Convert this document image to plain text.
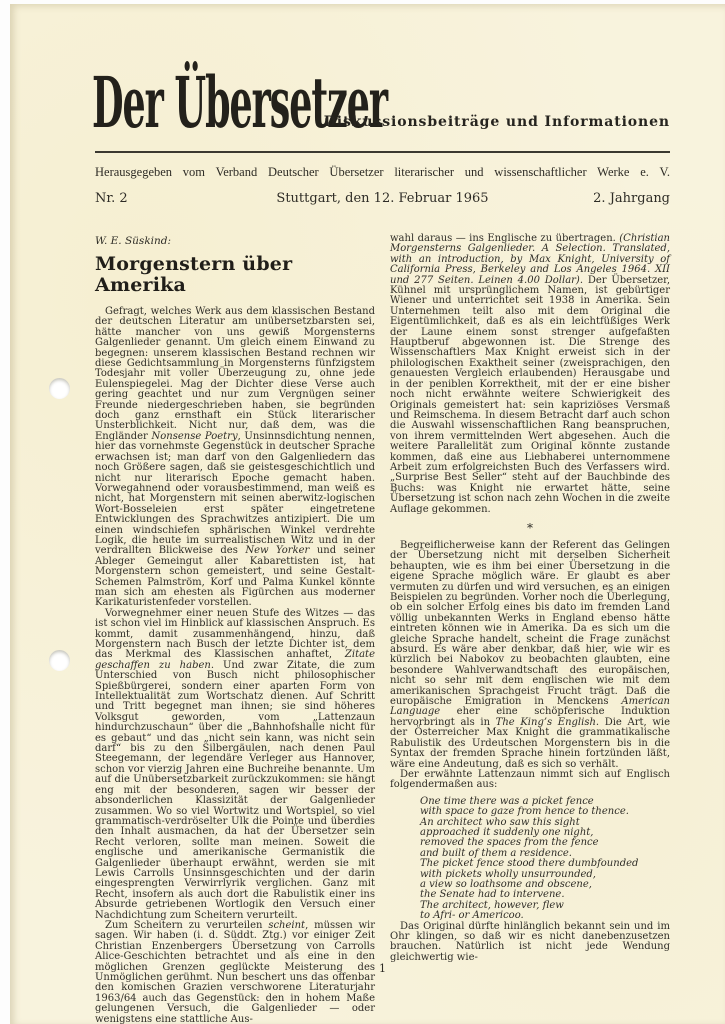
Der Übersetzer
Diskussionsbeiträge und Informationen
Herausgegeben vom Verband Deutscher Übersetzer literarischer und wissenschaftlicher Werke e. V.
Nr. 2	Stuttgart, den 12. Februar 1965	2. Jahrgang
W. E. Süskind:
Morgenstern über Amerika

Gefragt, welches Werk aus dem klassischen Bestand der deutschen Literatur am unübersetzbarsten sei, hätte mancher von uns gewiß Morgensterns Galgenlieder genannt. Um gleich einem Einwand zu begegnen: unserem klassischen Bestand rechnen wir diese Gedichtsammlung in Morgensterns fünfzigstem Todesjahr mit voller Überzeugung zu, ohne jede Eulenspiegelei. Mag der Dichter diese Verse auch gering geachtet und nur zum Vergnügen seiner Freunde niedergeschrieben haben, sie begründen doch ganz ernsthaft ein Stück literarischer Unsterblichkeit. Nicht nur, daß dem, was die Engländer Nonsense Poetry, Unsinnsdichtung nennen, hier das vornehmste Gegenstück in deutscher Sprache erwachsen ist; man darf von den Galgenliedern das noch Größere sagen, daß sie geistesgeschichtlich und nicht nur literarisch Epoche gemacht haben. Vorwegahnend oder vorausbestimmend, man weiß es nicht, hat Morgenstern mit seinen aberwitz-logischen Wort-Bosseleien erst später eingetretene Entwicklungen des Sprachwitzes antizipiert. Die um einen windschiefen sphärischen Winkel verdrehte Logik, die heute im surrealistischen Witz und in der verdrallten Blickweise des New Yorker und seiner Ableger Gemeingut aller Kabarettisten ist, hat Morgenstern schon gemeistert, und seine Gestalt-Schemen Palmström, Korf und Palma Kunkel könnte man sich am ehesten als Figürchen aus moderner Karikaturistenfeder vorstellen.

Vorwegnehmer einer neuen Stufe des Witzes — das ist schon viel im Hinblick auf klassischen Anspruch. Es kommt, damit zusammenhängend, hinzu, daß Morgenstern nach Busch der letzte Dichter ist, dem das Merkmal des Klassischen anhaftet, Zitate geschaffen zu haben. Und zwar Zitate, die zum Unterschied von Busch nicht philosophischer Spießbürgerei, sondern einer aparten Form von Intellektualität zum Wortschatz dienen. Auf Schritt und Tritt begegnet man ihnen; sie sind höheres Volksgut geworden, vom „Lattenzaun hindurchzuschaun“ über die „Bahnhofshalle nicht für es gebaut“ und das „nicht sein kann, was nicht sein darf“ bis zu den Silbergäulen, nach denen Paul Steegemann, der legendäre Verleger aus Hannover, schon vor vierzig Jahren eine Buchreihe benannte. Um auf die Unübersetzbarkeit zurückzukommen: sie hängt eng mit der besonderen, sagen wir besser der absonderlichen Klassizität der Galgenlieder zusammen. Wo so viel Wortwitz und Wortspiel, so viel grammatisch-verdröselter Ulk die Pointe und überdies den Inhalt ausmachen, da hat der Übersetzer sein Recht verloren, sollte man meinen. Soweit die englische und amerikanische Germanistik die Galgenlieder überhaupt erwähnt, werden sie mit Lewis Carrolls Unsinnsgeschichten und der darin eingesprengten Verwirrlyrik verglichen. Ganz mit Recht, insofern als auch dort die Rabulistik einer ins Absurde getriebenen Wortlogik den Versuch einer Nachdichtung zum Scheitern verurteilt.

Zum Scheitern zu verurteilen scheint, müssen wir sagen. Wir haben (i. d. Süddt. Ztg.) vor einiger Zeit Christian Enzenbergers Übersetzung von Carrolls Alice-Geschichten betrachtet und als eine in den möglichen Grenzen geglückte Meisterung des Unmöglichen gerühmt. Nun beschert uns das offenbar den komischen Grazien verschworene Literaturjahr 1963/64 auch das Gegenstück: den in hohem Maße gelungenen Versuch, die Galgenlieder — oder wenigstens eine stattliche Aus-

wahl daraus — ins Englische zu übertragen. (Christian Morgensterns Galgenlieder. A Selection. Translated, with an introduction, by Max Knight, University of California Press, Berkeley and Los Angeles 1964. XII und 277 Seiten. Leinen 4.00 Dollar). Der Übersetzer, Kühnel mit ursprünglichem Namen, ist gebürtiger Wiener und unterrichtet seit 1938 in Amerika. Sein Unternehmen teilt also mit dem Original die Eigentümlichkeit, daß es als ein leichtfüßiges Werk der Laune einem sonst strenger aufgefaßten Hauptberuf abgewonnen ist. Die Strenge des Wissenschaftlers Max Knight erweist sich in der philologischen Exaktheit seiner (zweisprachigen, den genauesten Vergleich erlaubenden) Herausgabe und in der peniblen Korrektheit, mit der er eine bisher noch nicht erwähnte weitere Schwierigkeit des Originals gemeistert hat: sein kapriziöses Versmaß und Reimschema. In diesem Betracht darf auch schon die Auswahl wissenschaftlichen Rang beanspruchen, von ihrem vermittelnden Wert abgesehen. Auch die weitere Parallelität zum Original könnte zustande kommen, daß eine aus Liebhaberei unternommene Arbeit zum erfolgreichsten Buch des Verfassers wird. „Surprise Best Seller“ steht auf der Bauchbinde des Buchs: was Knight nie erwartet hätte, seine Übersetzung ist schon nach zehn Wochen in die zweite Auflage gekommen.

*

Begreiflicherweise kann der Referent das Gelingen der Übersetzung nicht mit derselben Sicherheit behaupten, wie es ihm bei einer Übersetzung in die eigene Sprache möglich wäre. Er glaubt es aber vermuten zu dürfen und wird versuchen, es an einigen Beispielen zu begründen. Vorher noch die Überlegung, ob ein solcher Erfolg eines bis dato im fremden Land völlig unbekannten Werks in England ebenso hätte eintreten können wie in Amerika. Da es sich um die gleiche Sprache handelt, scheint die Frage zunächst absurd. Es wäre aber denkbar, daß hier, wie wir es kürzlich bei Nabokov zu beobachten glaubten, eine besondere Wahlverwandtschaft des europäischen, nicht so sehr mit dem englischen wie mit dem amerikanischen Sprachgeist Frucht trägt. Daß die europäische Emigration in Menckens American Language eher eine schöpferische Induktion hervorbringt als in The King’s English. Die Art, wie der Österreicher Max Knight die grammatikalische Rabulistik des Urdeutschen Morgenstern bis in die Syntax der fremden Sprache hinein fortzünden läßt, wäre eine Andeutung, daß es sich so verhält.

Der erwähnte Lattenzaun nimmt sich auf Englisch folgendermaßen aus:

One time there was a picket fence
with space to gaze from hence to thence.
An architect who saw this sight
approached it suddenly one night,
removed the spaces from the fence
and built of them a residence.
The picket fence stood there dumbfounded
with pickets wholly unsurrounded,
a view so loathsome and obscene,
the Senate had to intervene.
The architect, however, flew
to Afri- or Americoo.

Das Original dürfte hinlänglich bekannt sein und im Ohr klingen, so daß wir es nicht danebenzusetzen brauchen. Natürlich ist nicht jede Wendung gleichwertig wie-

1
